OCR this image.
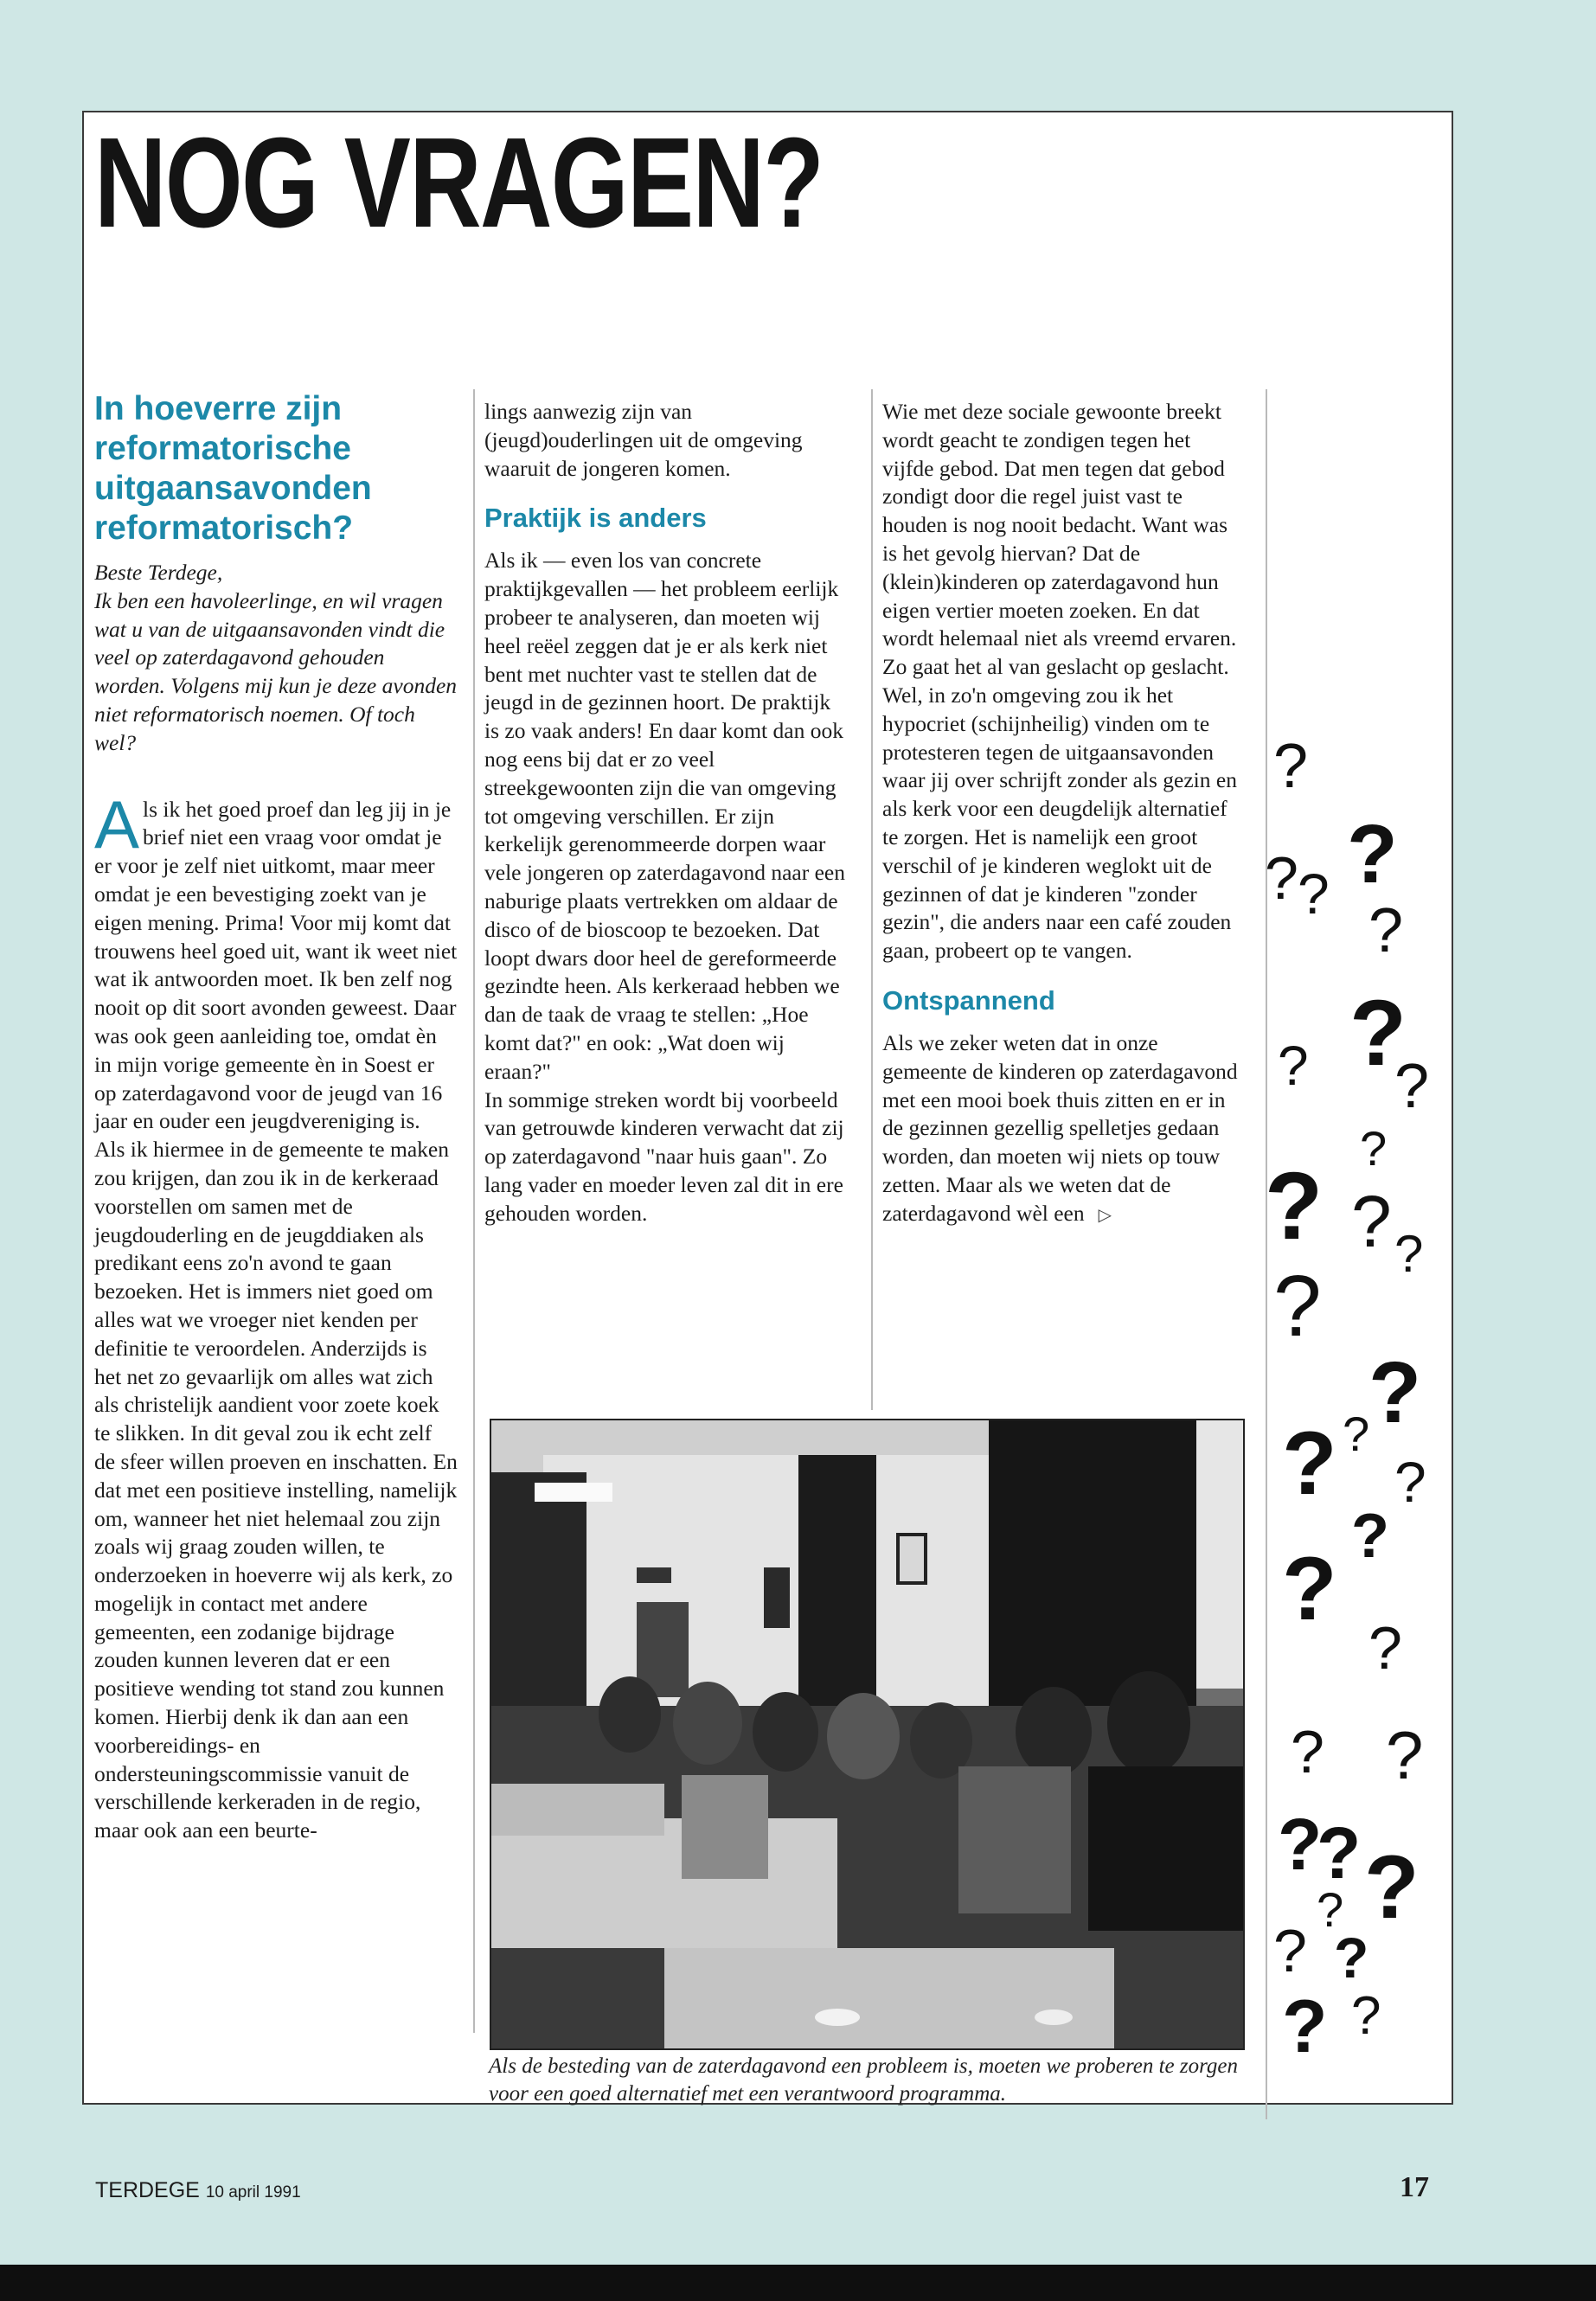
NOG VRAGEN?
In hoeverre zijn reformatorische uitgaansavonden reformatorisch?

Beste Terdege,
Ik ben een havoleerlinge, en wil vragen wat u van de uitgaansavonden vindt die veel op zaterdagavond gehouden worden. Volgens mij kun je deze avonden niet reformatorisch noemen. Of toch wel?

Als ik het goed proef dan leg jij in je brief niet een vraag voor omdat je er voor je zelf niet uitkomt, maar meer omdat je een bevestiging zoekt van je eigen mening. Prima! Voor mij komt dat trouwens heel goed uit, want ik weet niet wat ik antwoorden moet. Ik ben zelf nog nooit op dit soort avonden geweest. Daar was ook geen aanleiding toe, omdat èn in mijn vorige gemeente èn in Soest er op zaterdagavond voor de jeugd van 16 jaar en ouder een jeugdvereniging is.
Als ik hiermee in de gemeente te maken zou krijgen, dan zou ik in de kerkeraad voorstellen om samen met de jeugdouderling en de jeugddiaken als predikant eens zo'n avond te gaan bezoeken. Het is immers niet goed om alles wat we vroeger niet kenden per definitie te veroordelen. Anderzijds is het net zo gevaarlijk om alles wat zich als christelijk aandient voor zoete koek te slikken. In dit geval zou ik echt zelf de sfeer willen proeven en inschatten. En dat met een positieve instelling, namelijk om, wanneer het niet helemaal zou zijn zoals wij graag zouden willen, te onderzoeken in hoeverre wij als kerk, zo mogelijk in contact met andere gemeenten, een zodanige bijdrage zouden kunnen leveren dat er een positieve wending tot stand zou kunnen komen. Hierbij denk ik dan aan een voorbereidings- en ondersteuningscommissie vanuit de verschillende kerkeraden in de regio, maar ook aan een beurte-

lings aanwezig zijn van (jeugd)ouderlingen uit de omgeving waaruit de jongeren komen.

Praktijk is anders

Als ik — even los van concrete praktijkgevallen — het probleem eerlijk probeer te analyseren, dan moeten wij heel reëel zeggen dat je er als kerk niet bent met nuchter vast te stellen dat de jeugd in de gezinnen hoort. De praktijk is zo vaak anders! En daar komt dan ook nog eens bij dat er zo veel streekgewoonten zijn die van omgeving tot omgeving verschillen. Er zijn kerkelijk gerenommeerde dorpen waar vele jongeren op zaterdagavond naar een naburige plaats vertrekken om aldaar de disco of de bioscoop te bezoeken. Dat loopt dwars door heel de gereformeerde gezindte heen. Als kerkeraad hebben we dan de taak de vraag te stellen: „Hoe komt dat?" en ook: „Wat doen wij eraan?"
In sommige streken wordt bij voorbeeld van getrouwde kinderen verwacht dat zij op zaterdagavond "naar huis gaan". Zo lang vader en moeder leven zal dit in ere gehouden worden.

Wie met deze sociale gewoonte breekt wordt geacht te zondigen tegen het vijfde gebod. Dat men tegen dat gebod zondigt door die regel juist vast te houden is nog nooit bedacht. Want was is het gevolg hiervan? Dat de (klein)kinderen op zaterdagavond hun eigen vertier moeten zoeken. En dat wordt helemaal niet als vreemd ervaren. Zo gaat het al van geslacht op geslacht. Wel, in zo'n omgeving zou ik het hypocriet (schijnheilig) vinden om te protesteren tegen de uitgaansavonden waar jij over schrijft zonder als gezin en als kerk voor een deugdelijk alternatief te zorgen. Het is namelijk een groot verschil of je kinderen weglokt uit de gezinnen of dat je kinderen "zonder gezin", die anders naar een café zouden gaan, probeert op te vangen.

Ontspannend

Als we zeker weten dat in onze gemeente de kinderen op zaterdagavond met een mooi boek thuis zitten en er in de gezinnen gezellig spelletjes gedaan worden, dan moeten wij niets op touw zetten. Maar als we weten dat de zaterdagavond wèl een ▷

Als de besteding van de zaterdagavond een probleem is, moeten we proberen te zorgen voor een goed alternatief met een verantwoord programma.
?
?
? ?
?
?
? ?
?
? ? ?
?
?
? ?
?
?
?
?
? ?
?
? ?
?
? ?
? ?
TERDEGE 10 april 1991	17
